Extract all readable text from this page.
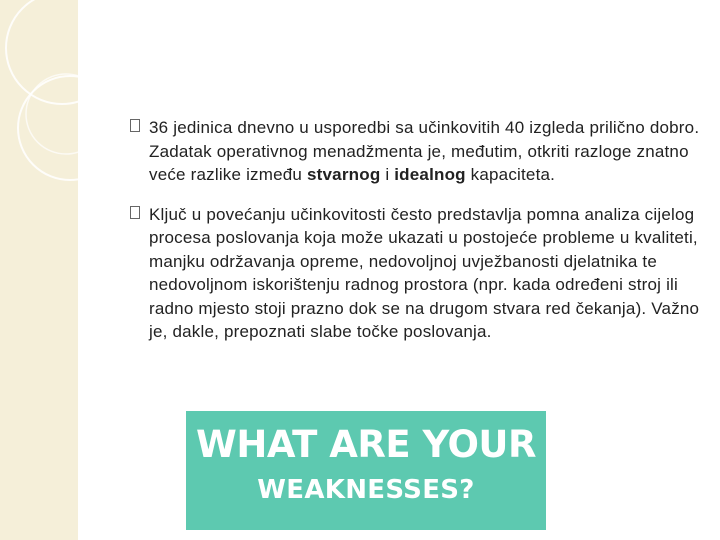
36 jedinica dnevno u usporedbi sa učinkovitih 40 izgleda prilično dobro. Zadatak operativnog menadžmenta je, međutim, otkriti razloge znatno veće razlike između stvarnog i idealnog kapaciteta.
Ključ u povećanju učinkovitosti često predstavlja pomna analiza cijelog procesa poslovanja koja može ukazati u postojeće probleme u kvaliteti, manjku održavanja opreme, nedovoljnoj uvježbanosti djelatnika te nedovoljnom iskorištenju radnog prostora (npr. kada određeni stroj ili radno mjesto stoji prazno dok se na drugom stvara red čekanja). Važno je, dakle, prepoznati slabe točke poslovanja.
WHAT ARE YOUR
WEAKNESSES?
